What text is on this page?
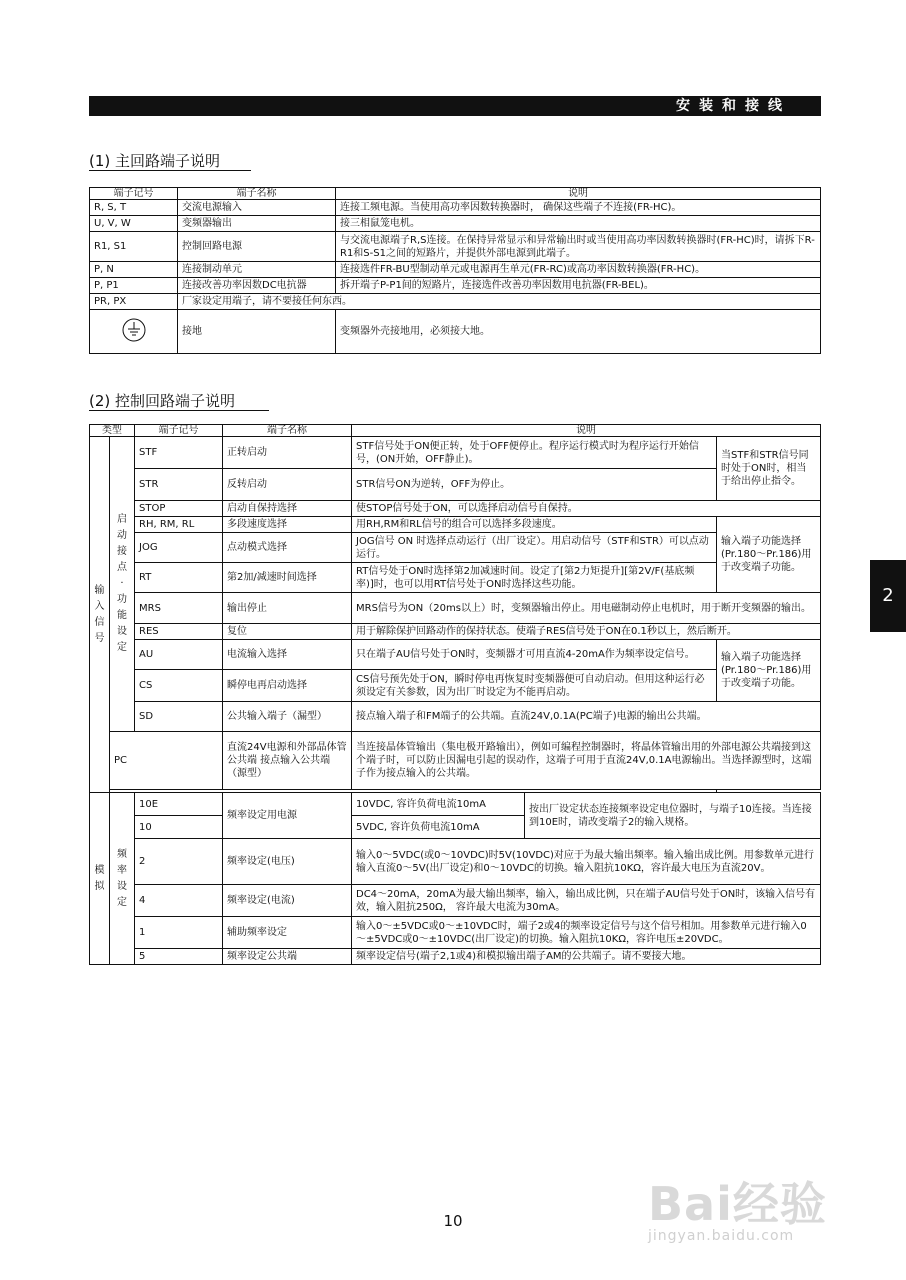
安装和接线
(1) 主回路端子说明
端子记号	端子名称	说明
R, S, T	交流电源输入	连接工频电源。当使用高功率因数转换器时， 确保这些端子不连接(FR-HC)。
U, V, W	变频器输出	接三相鼠笼电机。
R1, S1	控制回路电源	与交流电源端子R,S连接。在保持异常显示和异常输出时或当使用高功率因数转换器时(FR-HC)时，请拆下R-R1和S-S1之间的短路片，并提供外部电源到此端子。
P, N	连接制动单元	连接选件FR-BU型制动单元或电源再生单元(FR-RC)或高功率因数转换器(FR-HC)。
P, P1	连接改善功率因数DC电抗器	拆开端子P-P1间的短路片，连接选件改善功率因数用电抗器(FR-BEL)。
PR, PX	厂家设定用端子，请不要接任何东西。	
	接地	变频器外壳接地用，必须接大地。
(2) 控制回路端子说明
类型		端子记号	端子名称	说明		
输入信号	启动接点·功能设定	STF	正转启动	STF信号处于ON便正转，处于OFF便停止。程序运行模式时为程序运行开始信号，(ON开始，OFF静止)。		当STF和STR信号同时处于ON时，相当于给出停止指令。
		STR	反转启动	STR信号ON为逆转，OFF为停止。		
		STOP	启动自保持选择	使STOP信号处于ON，可以选择启动信号自保持。		
		RH, RM, RL	多段速度选择	用RH,RM和RL信号的组合可以选择多段速度。		输入端子功能选择(Pr.180～Pr.186)用于改变端子功能。
		JOG	点动模式选择	JOG信号 ON 时选择点动运行（出厂设定）。用启动信号（STF和STR）可以点动运行。		
		RT	第2加/减速时间选择	RT信号处于ON时选择第2加减速时间。设定了[第2力矩提升][第2V/F(基底频率)]时，也可以用RT信号处于ON时选择这些功能。		
		MRS	输出停止	MRS信号为ON（20ms以上）时，变频器输出停止。用电磁制动停止电机时，用于断开变频器的输出。		
		RES	复位	用于解除保护回路动作的保持状态。使端子RES信号处于ON在0.1秒以上，然后断开。		
		AU	电流输入选择	只在端子AU信号处于ON时，变频器才可用直流4-20mA作为频率设定信号。		输入端子功能选择(Pr.180～Pr.186)用于改变端子功能。
		CS	瞬停电再启动选择	CS信号预先处于ON，瞬时停电再恢复时变频器便可自动启动。但用这种运行必须设定有关参数，因为出厂时设定为不能再启动。		
		SD	公共输入端子（漏型）	接点输入端子和FM端子的公共端。直流24V,0.1A(PC端子)电源的输出公共端。		
	PC		直流24V电源和外部晶体管公共端 接点输入公共端 （源型）	当连接晶体管输出（集电极开路输出），例如可编程控制器时，将晶体管输出用的外部电源公共端接到这个端子时，可以防止因漏电引起的误动作，这端子可用于直流24V,0.1A电源输出。当选择源型时，这端子作为接点输入的公共端。		

模拟	频率设定	10E	频率设定用电源	10VDC, 容许负荷电流10mA	按出厂设定状态连接频率设定电位器时，与端子10连接。当连接到10E时，请改变端子2的输入规格。	
		10		5VDC, 容许负荷电流10mA		
		2	频率设定(电压)	输入0～5VDC(或0～10VDC)时5V(10VDC)对应于为最大输出频率。输入输出成比例。用参数单元进行输入直流0～5V(出厂设定)和0～10VDC的切换。输入阻抗10KΩ，容许最大电压为直流20V。		
		4	频率设定(电流)	DC4～20mA，20mA为最大输出频率，输入，输出成比例，只在端子AU信号处于ON时，该输入信号有效，输入阻抗250Ω， 容许最大电流为30mA。		
		1	辅助频率设定	输入0～±5VDC或0～±10VDC时，端子2或4的频率设定信号与这个信号相加。用参数单元进行输入0～±5VDC或0～±10VDC(出厂设定)的切换。输入阻抗10KΩ，容许电压±20VDC。		
		5	频率设定公共端	频率设定信号(端子2,1或4)和模拟输出端子AM的公共端子。请不要接大地。		
2
10	Bai经验
jingyan.baidu.com
